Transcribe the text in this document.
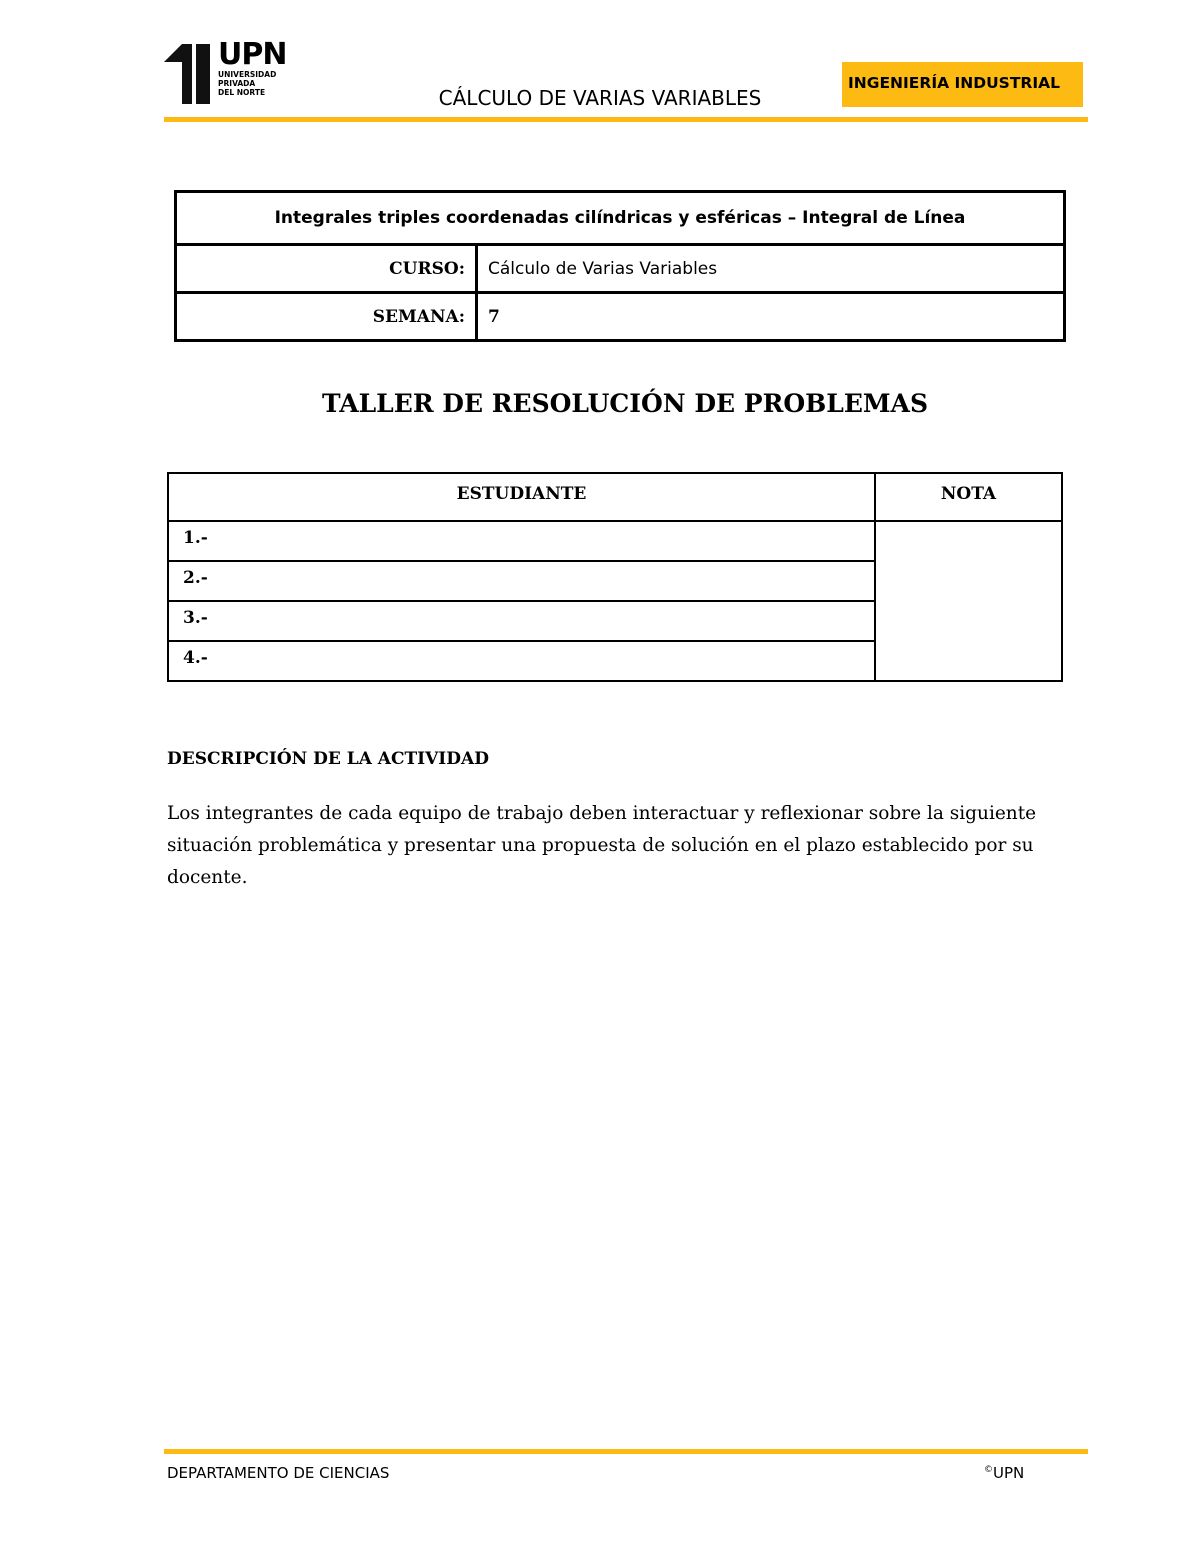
UPN
UNIVERSIDAD
PRIVADA
DEL NORTE	CÁLCULO DE VARIAS VARIABLES
INGENIERÍA INDUSTRIAL
Integrales triples coordenadas cilíndricas y esféricas – Integral de Línea	
CURSO:	Cálculo de Varias Variables
SEMANA:	7
TALLER DE RESOLUCIÓN DE PROBLEMAS
ESTUDIANTE	NOTA
1.-	
2.-	
3.-	
4.-	
DESCRIPCIÓN DE LA ACTIVIDAD
Los integrantes de cada equipo de trabajo deben interactuar y reflexionar sobre la siguiente situación problemática y presentar una propuesta de solución en el plazo establecido por su docente.
DEPARTAMENTO DE CIENCIAS	©UPN
